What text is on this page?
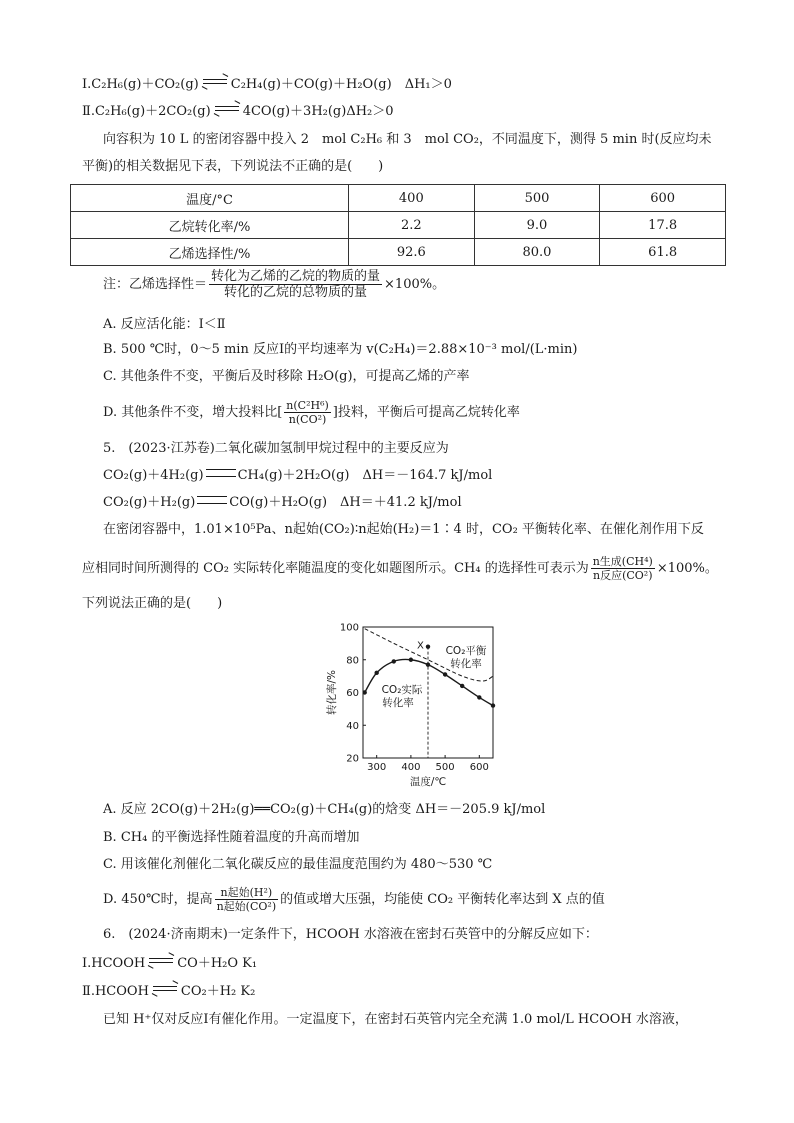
Ⅰ.C₂H₆(g)＋CO₂(g) C₂H₄(g)＋CO(g)＋H₂O(g)　 ΔH₁＞0
Ⅱ.C₂H₆(g)＋2CO₂(g) 4CO(g)＋3H₂(g)ΔH₂＞0
向容积为 10 L 的密闭容器中投入 2　mol C₂H₆ 和 3　mol CO₂，不同温度下，测得 5 min 时(反应均未
平衡)的相关数据见下表，下列说法不正确的是(　　)
温度/°C	400	500	600
乙烷转化率/%	2.2	9.0	17.8
乙烯选择性/%	92.6	80.0	61.8
注：乙烯选择性＝ $\frac{\text{转化为乙烯的乙烷的物质的量}}{\text{转化的乙烷的总物质的量}} \times 100\%$。
A. 反应活化能：Ⅰ＜Ⅱ
B. 500 ℃时，0～5 min 反应Ⅰ的平均速率为 v(C₂H₄)＝2.88×10⁻³ mol/(L·min)
C. 其他条件不变，平衡后及时移除 H₂O(g)，可提高乙烯的产率
D. 其他条件不变，增大投料比[ $\frac{\text{n(C²H⁶)}}{\text{n(CO²)}}$ ]投料，平衡后可提高乙烷转化率
5.　(2023·江苏卷)二氧化碳加氢制甲烷过程中的主要反应为
CO₂(g)＋4H₂(g)	CH₄(g)＋2H₂O(g)　ΔH＝－164.7 kJ/mol
CO₂(g)＋H₂(g)	CO(g)＋H₂O(g)　ΔH＝＋41.2 kJ/mol
在密闭容器中，1.01×10⁵Pa、n起始(CO₂)∶n起始(H₂)＝1∶4 时，CO₂ 平衡转化率、在催化剂作用下反
应相同时间所测得的 CO₂ 实际转化率随温度的变化如题图所示。CH₄ 的选择性可表示为 $\frac{\text{n生成(CH⁴)}}{\text{n反应(CO²)}} \times 100\%$。
下列说法正确的是(　　)
20
40
60
80
100
300 400 500 600
温度/℃
转化率/%
X
CO₂实际
转化率
CO₂平衡
转化率
A. 反应 2CO(g)＋2H₂(g)══CO₂(g)＋CH₄(g)的焓变 ΔH＝－205.9 kJ/mol
B. CH₄ 的平衡选择性随着温度的升高而增加
C. 用该催化剂催化二氧化碳反应的最佳温度范围约为 480～530 ℃
D. 450℃时，提高 $\frac{\text{n起始(H²)}}{\text{n起始(CO²)}}$ 的值或增大压强，均能使 CO₂ 平衡转化率达到 X 点的值
6.　(2024·济南期末)一定条件下，HCOOH 水溶液在密封石英管中的分解反应如下：
Ⅰ.HCOOH CO＋H₂O K₁
Ⅱ.HCOOH CO₂＋H₂ K₂
已知 H⁺仅对反应Ⅰ有催化作用。一定温度下，在密封石英管内完全充满 1.0 mol/L HCOOH 水溶液，
